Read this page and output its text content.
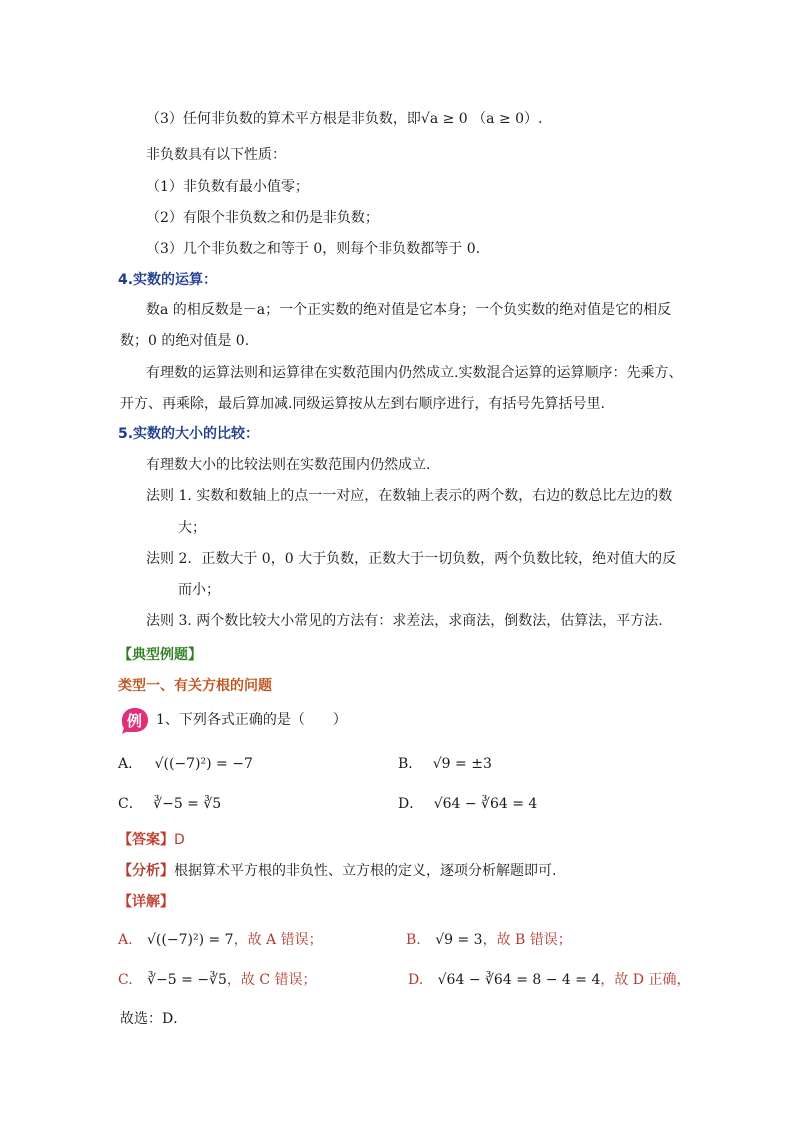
（3）任何非负数的算术平方根是非负数，即√a ≥ 0 （a ≥ 0）.
非负数具有以下性质：
（1）非负数有最小值零；
（2）有限个非负数之和仍是非负数；
（3）几个非负数之和等于 0，则每个非负数都等于 0.
4.实数的运算：
数a 的相反数是－a；一个正实数的绝对值是它本身；一个负实数的绝对值是它的相反
数；0 的绝对值是 0.
有理数的运算法则和运算律在实数范围内仍然成立.实数混合运算的运算顺序：先乘方、
开方、再乘除，最后算加减.同级运算按从左到右顺序进行，有括号先算括号里.
5.实数的大小的比较：
有理数大小的比较法则在实数范围内仍然成立.
法则 1. 实数和数轴上的点一一对应，在数轴上表示的两个数，右边的数总比左边的数
大；
法则 2．正数大于 0，0 大于负数，正数大于一切负数，两个负数比较，绝对值大的反
而小；
法则 3. 两个数比较大小常见的方法有：求差法，求商法，倒数法，估算法，平方法.
【典型例题】
类型一、有关方根的问题
例 1、下列各式正确的是（　　）
A． √((−7)²) = −7	B． √9 = ±3
C． ∛−5 = ∛5	D． √64 − ∛64 = 4
【答案】D
【分析】根据算术平方根的非负性、立方根的定义，逐项分析解题即可.
【详解】
A. √((−7)²) = 7，故 A 错误；	B. √9 = 3，故 B 错误；
C. ∛−5 = −∛5，故 C 错误；	D. √64 − ∛64 = 8 − 4 = 4，故 D 正确，
故选：D．
